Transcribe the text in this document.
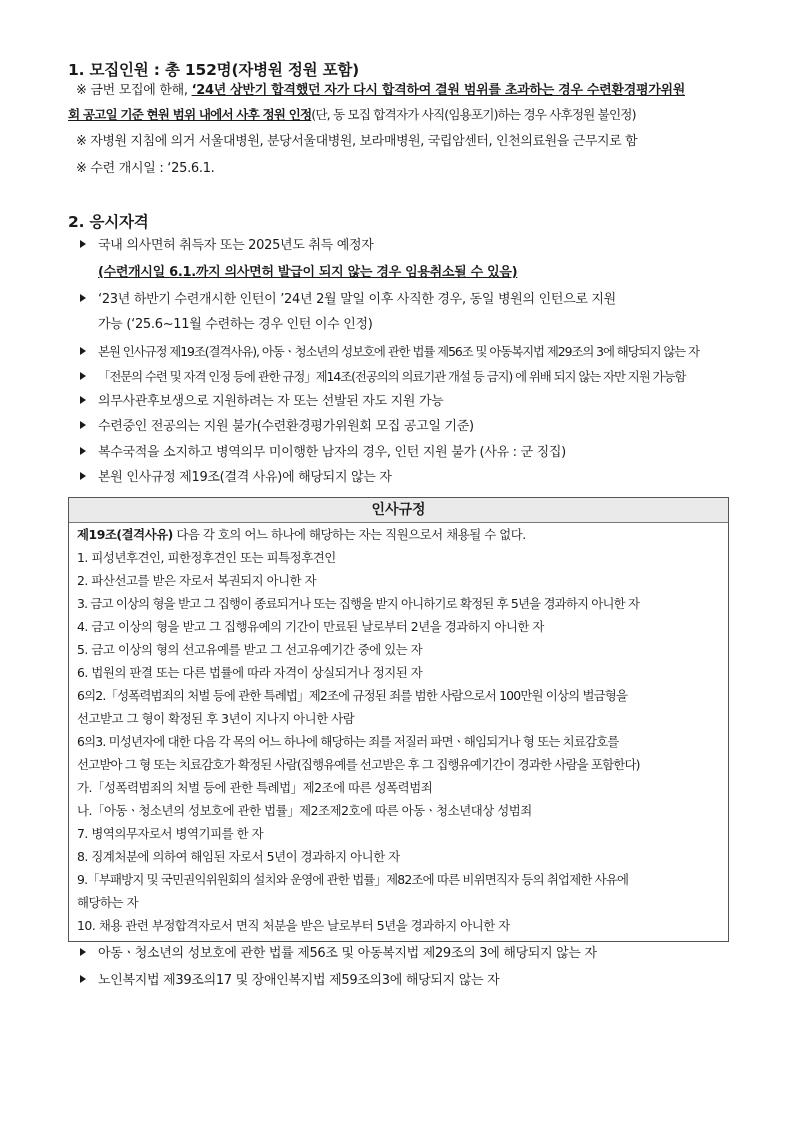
1. 모집인원 : 총 152명(자병원 정원 포함)
※ 금번 모집에 한해, ‘24년 상반기 합격했던 자가 다시 합격하여 결원 범위를 초과하는 경우 수련환경평가위원
회 공고일 기준 현원 범위 내에서 사후 정원 인정(단, 동 모집 합격자가 사직(임용포기)하는 경우 사후정원 불인정)
※ 자병원 지침에 의거 서울대병원, 분당서울대병원, 보라매병원, 국립암센터, 인천의료원을 근무지로 함
※ 수련 개시일 : ‘25.6.1.
2. 응시자격
국내 의사면허 취득자 또는 2025년도 취득 예정자
(수련개시일 6.1.까지 의사면허 발급이 되지 않는 경우 임용취소될 수 있음)
‘23년 하반기 수련개시한 인턴이 ’24년 2월 말일 이후 사직한 경우, 동일 병원의 인턴으로 지원
가능 (‘25.6~11월 수련하는 경우 인턴 이수 인정)
본원 인사규정 제19조(결격사유), 아동ㆍ청소년의 성보호에 관한 법률 제56조 및 아동복지법 제29조의 3에 해당되지 않는 자
「전문의 수련 및 자격 인정 등에 관한 규정」제14조(전공의의 의료기관 개설 등 금지) 에 위배 되지 않는 자만 지원 가능함
의무사관후보생으로 지원하려는 자 또는 선발된 자도 지원 가능
수련중인 전공의는 지원 불가(수련환경평가위원회 모집 공고일 기준)
복수국적을 소지하고 병역의무 미이행한 남자의 경우, 인턴 지원 불가 (사유 : 군 징집)
본원 인사규정 제19조(결격 사유)에 해당되지 않는 자
인사규정
제19조(결격사유) 다음 각 호의 어느 하나에 해당하는 자는 직원으로서 채용될 수 없다.
1. 피성년후견인, 피한정후견인 또는 피특정후견인
2. 파산선고를 받은 자로서 복권되지 아니한 자
3. 금고 이상의 형을 받고 그 집행이 종료되거나 또는 집행을 받지 아니하기로 확정된 후 5년을 경과하지 아니한 자
4. 금고 이상의 형을 받고 그 집행유예의 기간이 만료된 날로부터 2년을 경과하지 아니한 자
5. 금고 이상의 형의 선고유예를 받고 그 선고유예기간 중에 있는 자
6. 법원의 판결 또는 다른 법률에 따라 자격이 상실되거나 정지된 자
6의2.「성폭력범죄의 처벌 등에 관한 특례법」제2조에 규정된 죄를 범한 사람으로서 100만원 이상의 벌금형을
선고받고 그 형이 확정된 후 3년이 지나지 아니한 사람
6의3. 미성년자에 대한 다음 각 목의 어느 하나에 해당하는 죄를 저질러 파면ㆍ해임되거나 형 또는 치료감호를
선고받아 그 형 또는 치료감호가 확정된 사람(집행유예를 선고받은 후 그 집행유예기간이 경과한 사람을 포함한다)
가.「성폭력범죄의 처벌 등에 관한 특례법」제2조에 따른 성폭력범죄
나.「아동ㆍ청소년의 성보호에 관한 법률」제2조제2호에 따른 아동ㆍ청소년대상 성범죄
7. 병역의무자로서 병역기피를 한 자
8. 징계처분에 의하여 해임된 자로서 5년이 경과하지 아니한 자
9.「부패방지 및 국민권익위원회의 설치와 운영에 관한 법률」제82조에 따른 비위면직자 등의 취업제한 사유에
해당하는 자
10. 채용 관련 부정합격자로서 면직 처분을 받은 날로부터 5년을 경과하지 아니한 자
아동ㆍ청소년의 성보호에 관한 법률 제56조 및 아동복지법 제29조의 3에 해당되지 않는 자
노인복지법 제39조의17 및 장애인복지법 제59조의3에 해당되지 않는 자
